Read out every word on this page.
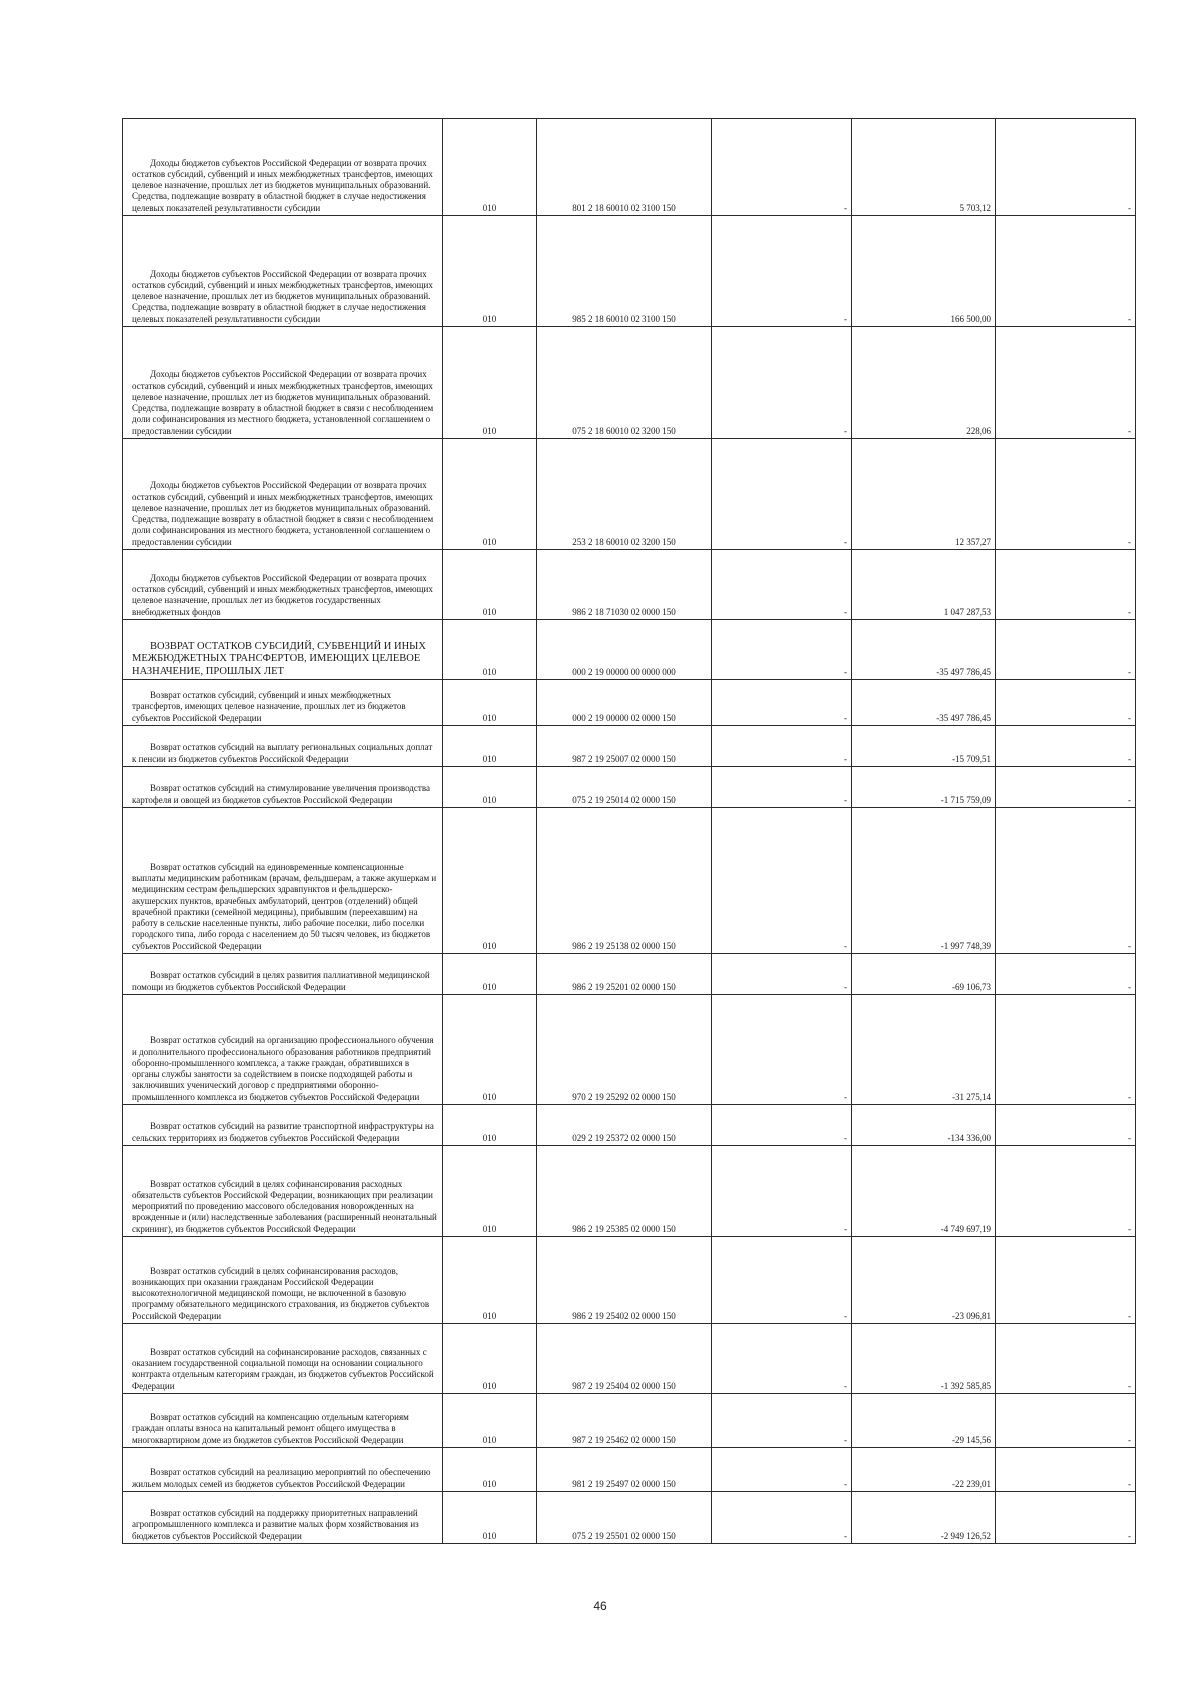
Доходы бюджетов субъектов Российской Федерации от возврата прочих остатков субсидий, субвенций и иных межбюджетных трансфертов, имеющих целевое назначение, прошлых лет из бюджетов муниципальных образований. Средства, подлежащие возврату в областной бюджет в случае недостижения целевых показателей результативности субсидии	010	801 2 18 60010 02 3100 150	-	5 703,12	-

Доходы бюджетов субъектов Российской Федерации от возврата прочих остатков субсидий, субвенций и иных межбюджетных трансфертов, имеющих целевое назначение, прошлых лет из бюджетов муниципальных образований. Средства, подлежащие возврату в областной бюджет в случае недостижения целевых показателей результативности субсидии	010	985 2 18 60010 02 3100 150	-	166 500,00	-

Доходы бюджетов субъектов Российской Федерации от возврата прочих остатков субсидий, субвенций и иных межбюджетных трансфертов, имеющих целевое назначение, прошлых лет из бюджетов муниципальных образований. Средства, подлежащие возврату в областной бюджет в связи с несоблюдением доли софинансирования из местного бюджета, установленной соглашением о предоставлении субсидии	010	075 2 18 60010 02 3200 150	-	228,06	-

Доходы бюджетов субъектов Российской Федерации от возврата прочих остатков субсидий, субвенций и иных межбюджетных трансфертов, имеющих целевое назначение, прошлых лет из бюджетов муниципальных образований. Средства, подлежащие возврату в областной бюджет в связи с несоблюдением доли софинансирования из местного бюджета, установленной соглашением о предоставлении субсидии	010	253 2 18 60010 02 3200 150	-	12 357,27	-

Доходы бюджетов субъектов Российской Федерации от возврата прочих остатков субсидий, субвенций и иных межбюджетных трансфертов, имеющих целевое назначение, прошлых лет из бюджетов государственных внебюджетных фондов	010	986 2 18 71030 02 0000 150	-	1 047 287,53	-

ВОЗВРАТ ОСТАТКОВ СУБСИДИЙ, СУБВЕНЦИЙ И ИНЫХ МЕЖБЮДЖЕТНЫХ ТРАНСФЕРТОВ, ИМЕЮЩИХ ЦЕЛЕВОЕ НАЗНАЧЕНИЕ, ПРОШЛЫХ ЛЕТ	010	000 2 19 00000 00 0000 000	-	-35 497 786,45	-

Возврат остатков субсидий, субвенций и иных межбюджетных трансфертов, имеющих целевое назначение, прошлых лет из бюджетов субъектов Российской Федерации	010	000 2 19 00000 02 0000 150	-	-35 497 786,45	-

Возврат остатков субсидий на выплату региональных социальных доплат к пенсии из бюджетов субъектов Российской Федерации	010	987 2 19 25007 02 0000 150	-	-15 709,51	-

Возврат остатков субсидий на стимулирование увеличения производства картофеля и овощей из бюджетов субъектов Российской Федерации	010	075 2 19 25014 02 0000 150	-	-1 715 759,09	-

Возврат остатков субсидий на единовременные компенсационные выплаты медицинским работникам (врачам, фельдшерам, а также акушеркам и медицинским сестрам фельдшерских здравпунктов и фельдшерско-акушерских пунктов, врачебных амбулаторий, центров (отделений) общей врачебной практики (семейной медицины), прибывшим (переехавшим) на работу в сельские населенные пункты, либо рабочие поселки, либо поселки городского типа, либо города с населением до 50 тысяч человек, из бюджетов субъектов Российской Федерации	010	986 2 19 25138 02 0000 150	-	-1 997 748,39	-

Возврат остатков субсидий в целях развития паллиативной медицинской помощи из бюджетов субъектов Российской Федерации	010	986 2 19 25201 02 0000 150	-	-69 106,73	-

Возврат остатков субсидий на организацию профессионального обучения и дополнительного профессионального образования работников предприятий оборонно-промышленного комплекса, а также граждан, обратившихся в органы службы занятости за содействием в поиске подходящей работы и заключивших ученический договор с предприятиями оборонно-промышленного комплекса из бюджетов субъектов Российской Федерации	010	970 2 19 25292 02 0000 150	-	-31 275,14	-

Возврат остатков субсидий на развитие транспортной инфраструктуры на сельских территориях из бюджетов субъектов Российской Федерации	010	029 2 19 25372 02 0000 150	-	-134 336,00	-

Возврат остатков субсидий в целях софинансирования расходных обязательств субъектов Российской Федерации, возникающих при реализации мероприятий по проведению массового обследования новорожденных на врожденные и (или) наследственные заболевания (расширенный неонатальный скрининг), из бюджетов субъектов Российской Федерации	010	986 2 19 25385 02 0000 150	-	-4 749 697,19	-

Возврат остатков субсидий в целях софинансирования расходов, возникающих при оказании гражданам Российской Федерации высокотехнологичной медицинской помощи, не включенной в базовую программу обязательного медицинского страхования, из бюджетов субъектов Российской Федерации	010	986 2 19 25402 02 0000 150	-	-23 096,81	-

Возврат остатков субсидий на софинансирование расходов, связанных с оказанием государственной социальной помощи на основании социального контракта отдельным категориям граждан, из бюджетов субъектов Российской Федерации	010	987 2 19 25404 02 0000 150	-	-1 392 585,85	-

Возврат остатков субсидий на компенсацию отдельным категориям граждан оплаты взноса на капитальный ремонт общего имущества в многоквартирном доме из бюджетов субъектов Российской Федерации	010	987 2 19 25462 02 0000 150	-	-29 145,56	-

Возврат остатков субсидий на реализацию мероприятий по обеспечению жильем молодых семей из бюджетов субъектов Российской Федерации	010	981 2 19 25497 02 0000 150	-	-22 239,01	-

Возврат остатков субсидий на поддержку приоритетных направлений агропромышленного комплекса и развитие малых форм хозяйствования из бюджетов субъектов Российской Федерации	010	075 2 19 25501 02 0000 150	-	-2 949 126,52	-
46
